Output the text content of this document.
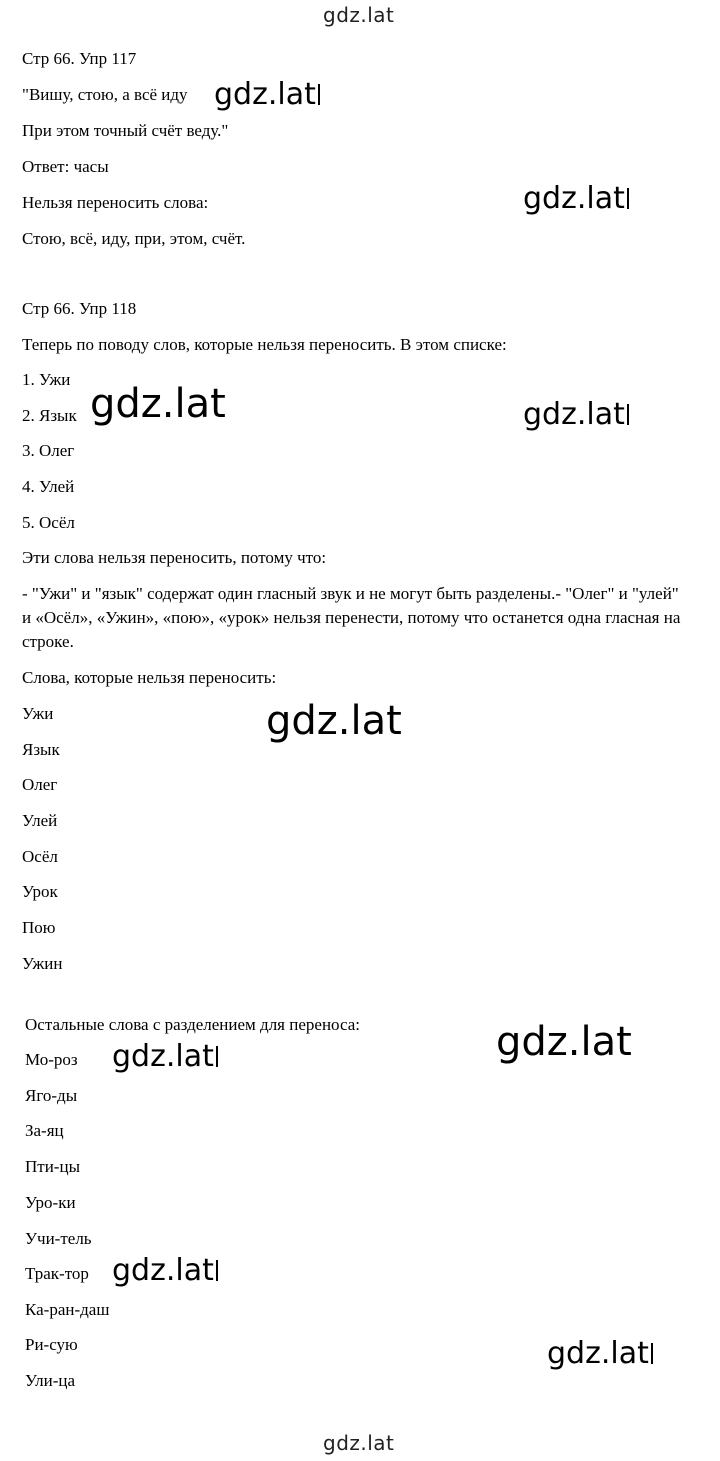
gdz.lat
Стр 66. Упр 117
"Вишу, стою, а всё иду
При этом точный счёт веду."
Ответ: часы
Нельзя переносить слова:
Стою, всё, иду, при, этом, счёт.
Стр 66. Упр 118
Теперь по поводу слов, которые нельзя переносить. В этом списке:
1. Ужи
2. Язык
3. Олег
4. Улей
5. Осёл
Эти слова нельзя переносить, потому что:
- "Ужи" и "язык" содержат один гласный звук и не могут быть разделены.- "Олег" и "улей" и «Осёл», «Ужин», «пою», «урок» нельзя перенести, потому что останется одна гласная на строке.
Слова, которые нельзя переносить:
Ужи
Язык
Олег
Улей
Осёл
Урок
Пою
Ужин
Остальные слова с разделением для переноса:
Мо-роз
Яго-ды
За-яц
Пти-цы
Уро-ки
Учи-тель
Трак-тор
Ка-ран-даш
Ри-сую
Ули-ца
gdz.lat
gdz.lat
gdz.lat	gdz.lat
gdz.lat
gdz.lat
gdz.lat
gdz.lat
gdz.lat
gdz.lat
